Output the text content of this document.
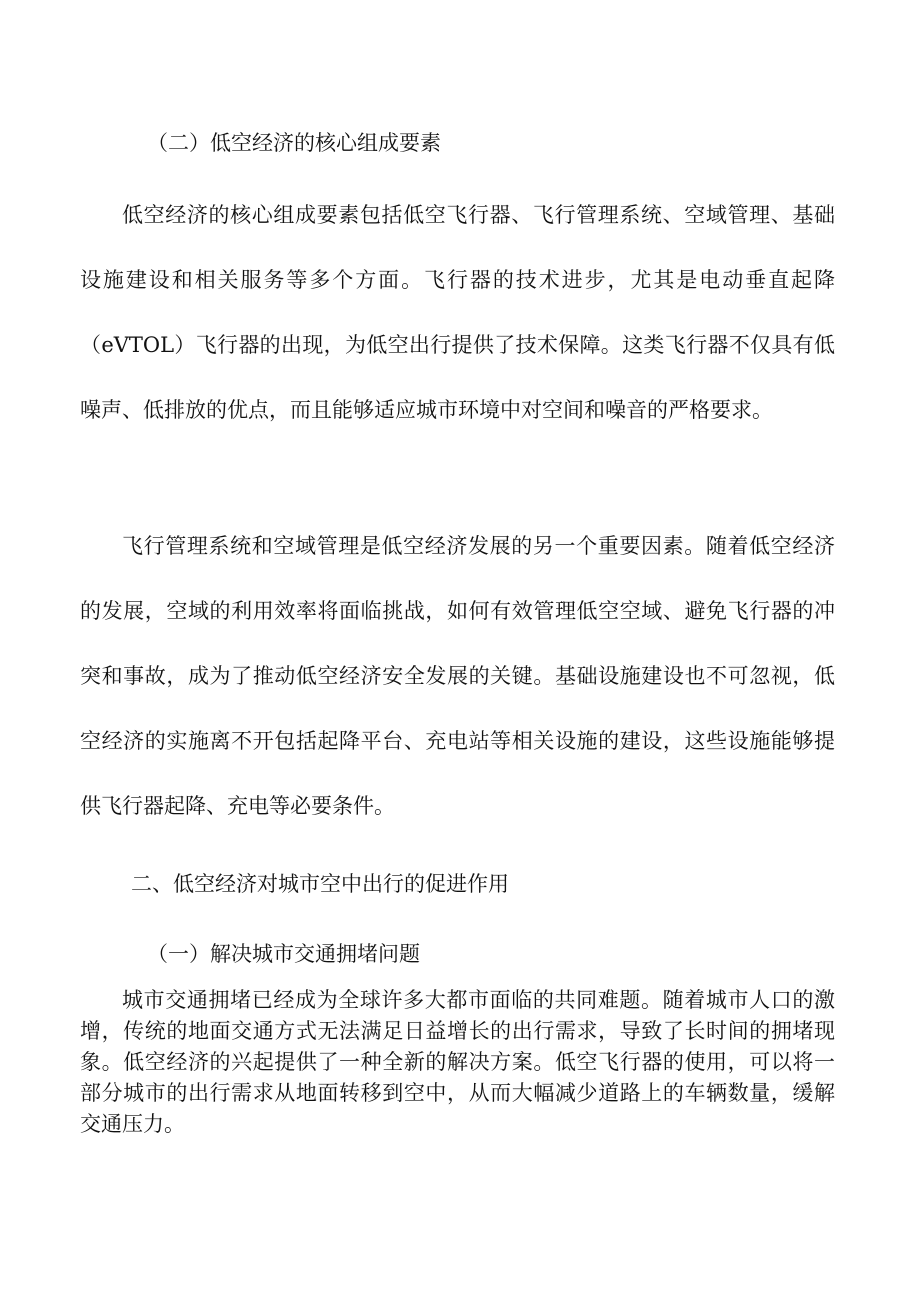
（二）低空经济的核心组成要素
低空经济的核心组成要素包括低空飞行器、飞行管理系统、空域管理、基础设施建设和相关服务等多个方面。飞行器的技术进步，尤其是电动垂直起降（eVTOL）飞行器的出现，为低空出行提供了技术保障。这类飞行器不仅具有低噪声、低排放的优点，而且能够适应城市环境中对空间和噪音的严格要求。
飞行管理系统和空域管理是低空经济发展的另一个重要因素。随着低空经济的发展，空域的利用效率将面临挑战，如何有效管理低空空域、避免飞行器的冲突和事故，成为了推动低空经济安全发展的关键。基础设施建设也不可忽视，低空经济的实施离不开包括起降平台、充电站等相关设施的建设，这些设施能够提供飞行器起降、充电等必要条件。
二、低空经济对城市空中出行的促进作用
（一）解决城市交通拥堵问题
城市交通拥堵已经成为全球许多大都市面临的共同难题。随着城市人口的激增，传统的地面交通方式无法满足日益增长的出行需求，导致了长时间的拥堵现象。低空经济的兴起提供了一种全新的解决方案。低空飞行器的使用，可以将一部分城市的出行需求从地面转移到空中，从而大幅减少道路上的车辆数量，缓解交通压力。
